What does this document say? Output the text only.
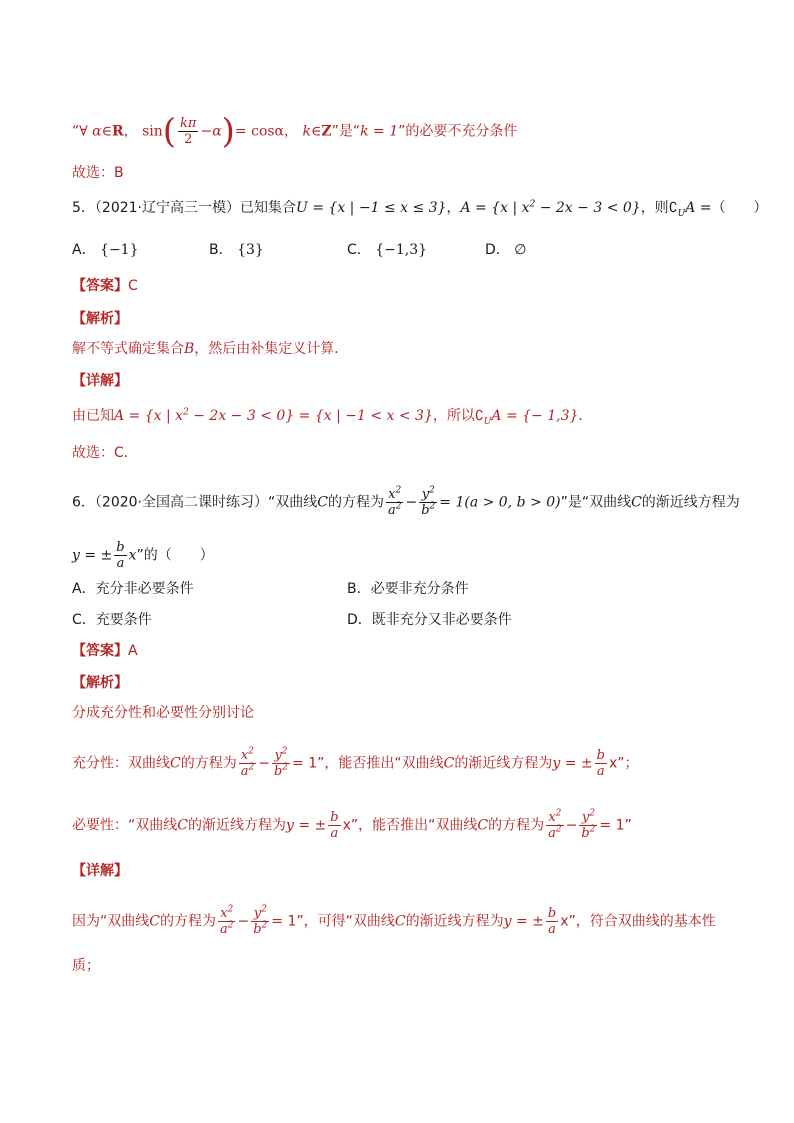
“∀ α∈R， $\sin( \frac{k\pi}{2} -\alpha)= \cos\alpha$， k∈Z”是“k = 1”的必要不充分条件
故选：B
5．（2021·辽宁高三一模）已知集合U = {x | −1 ≤ x ≤ 3}，A = {x | $x^2 - 2x - 3 < 0$}，则$∁_UA$ =（　　）
A． {−1}	B． {3}	C． {−1,3}	D． ∅
【答案】C
【解析】
解不等式确定集合B，然后由补集定义计算．
【详解】
由已知A = {x | $x^2 - 2x - 3 < 0\} = \{x$ | −1 < x < 3}，所以$∁_UA$ = {− 1,3}．
故选：C．
6．（2020·全国高二课时练习）“双曲线C的方程为 $\frac{x^2}{a^2} - \frac{y^2}{b^2} = 1(a > 0$, b > 0)”是“双曲线C的渐近线方程为
y = ± $\frac{b}{a} x$”的（　　）
A．充分非必要条件	B．必要非充分条件
C．充要条件	D．既非充分又非必要条件
【答案】A
【解析】
分成充分性和必要性分别讨论
充分性：双曲线C的方程为 $\frac{x^2}{a^2} - \frac{y^2}{b^2} = 1$”，能否推出“双曲线C的渐近线方程为y = ± $\frac{b}{a} x$”；
必要性：“双曲线C的渐近线方程为y = ± $\frac{b}{a} x$”，能否推出“双曲线C的方程为 $\frac{x^2}{a^2} - \frac{y^2}{b^2} = 1$”
【详解】
因为“双曲线C的方程为 $\frac{x^2}{a^2} - \frac{y^2}{b^2} = 1$”，可得“双曲线C的渐近线方程为y = ± $\frac{b}{a} x$”，符合双曲线的基本性
质；
